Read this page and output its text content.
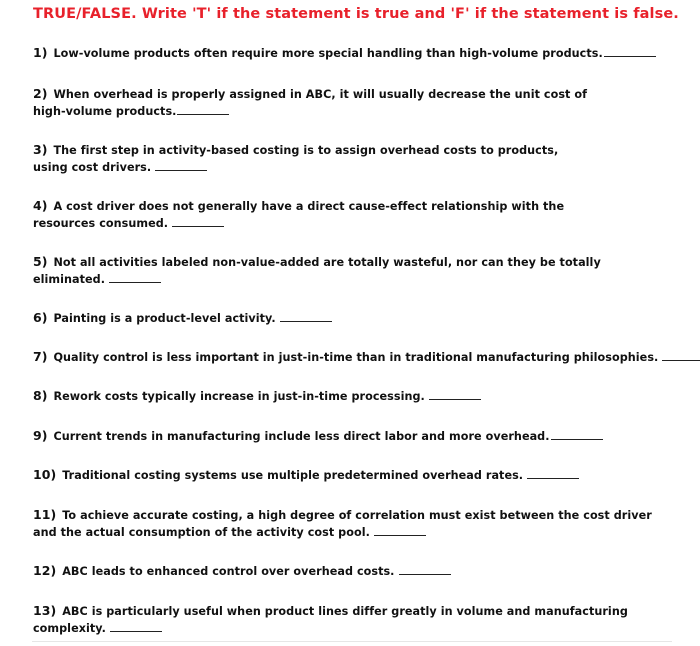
TRUE/FALSE. Write 'T' if the statement is true and 'F' if the statement is false.
1) Low-volume products often require more special handling than high-volume products.
2) When overhead is properly assigned in ABC, it will usually decrease the unit cost of
high-volume products.
3) The first step in activity-based costing is to assign overhead costs to products,
using cost drivers.
4) A cost driver does not generally have a direct cause-effect relationship with the
resources consumed.
5) Not all activities labeled non-value-added are totally wasteful, nor can they be totally
eliminated.
6) Painting is a product-level activity.
7) Quality control is less important in just-in-time than in traditional manufacturing philosophies.
8) Rework costs typically increase in just-in-time processing.
9) Current trends in manufacturing include less direct labor and more overhead.
10) Traditional costing systems use multiple predetermined overhead rates.
11) To achieve accurate costing, a high degree of correlation must exist between the cost driver
and the actual consumption of the activity cost pool.
12) ABC leads to enhanced control over overhead costs.
13) ABC is particularly useful when product lines differ greatly in volume and manufacturing
complexity.
